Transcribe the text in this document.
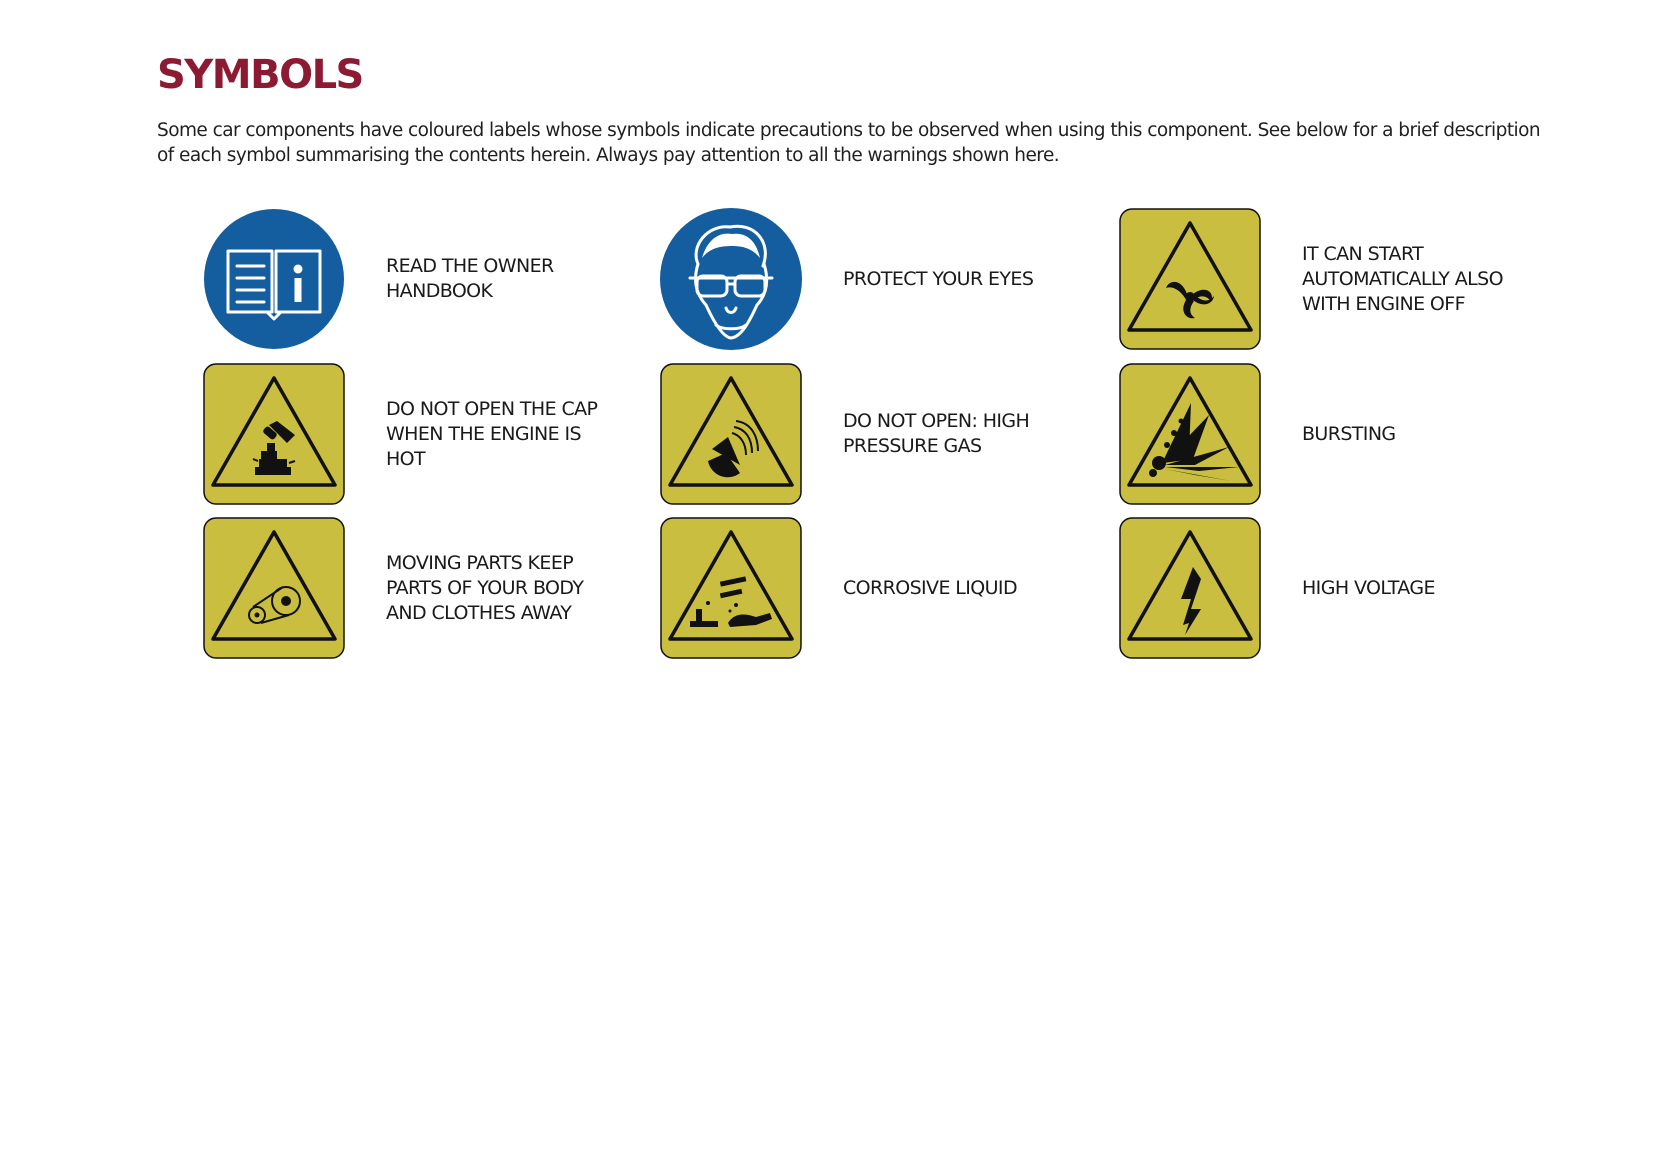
SYMBOLS

Some car components have coloured labels whose symbols indicate precautions to be observed when using this component. See below for a brief description of each symbol summarising the contents herein. Always pay attention to all the warnings shown here.

READ THE OWNER
HANDBOOK
PROTECT YOUR EYES
IT CAN START
AUTOMATICALLY ALSO
WITH ENGINE OFF
DO NOT OPEN THE CAP
WHEN THE ENGINE IS
HOT
DO NOT OPEN: HIGH
PRESSURE GAS
BURSTING
MOVING PARTS KEEP
PARTS OF YOUR BODY
AND CLOTHES AWAY
CORROSIVE LIQUID	HIGH VOLTAGE
